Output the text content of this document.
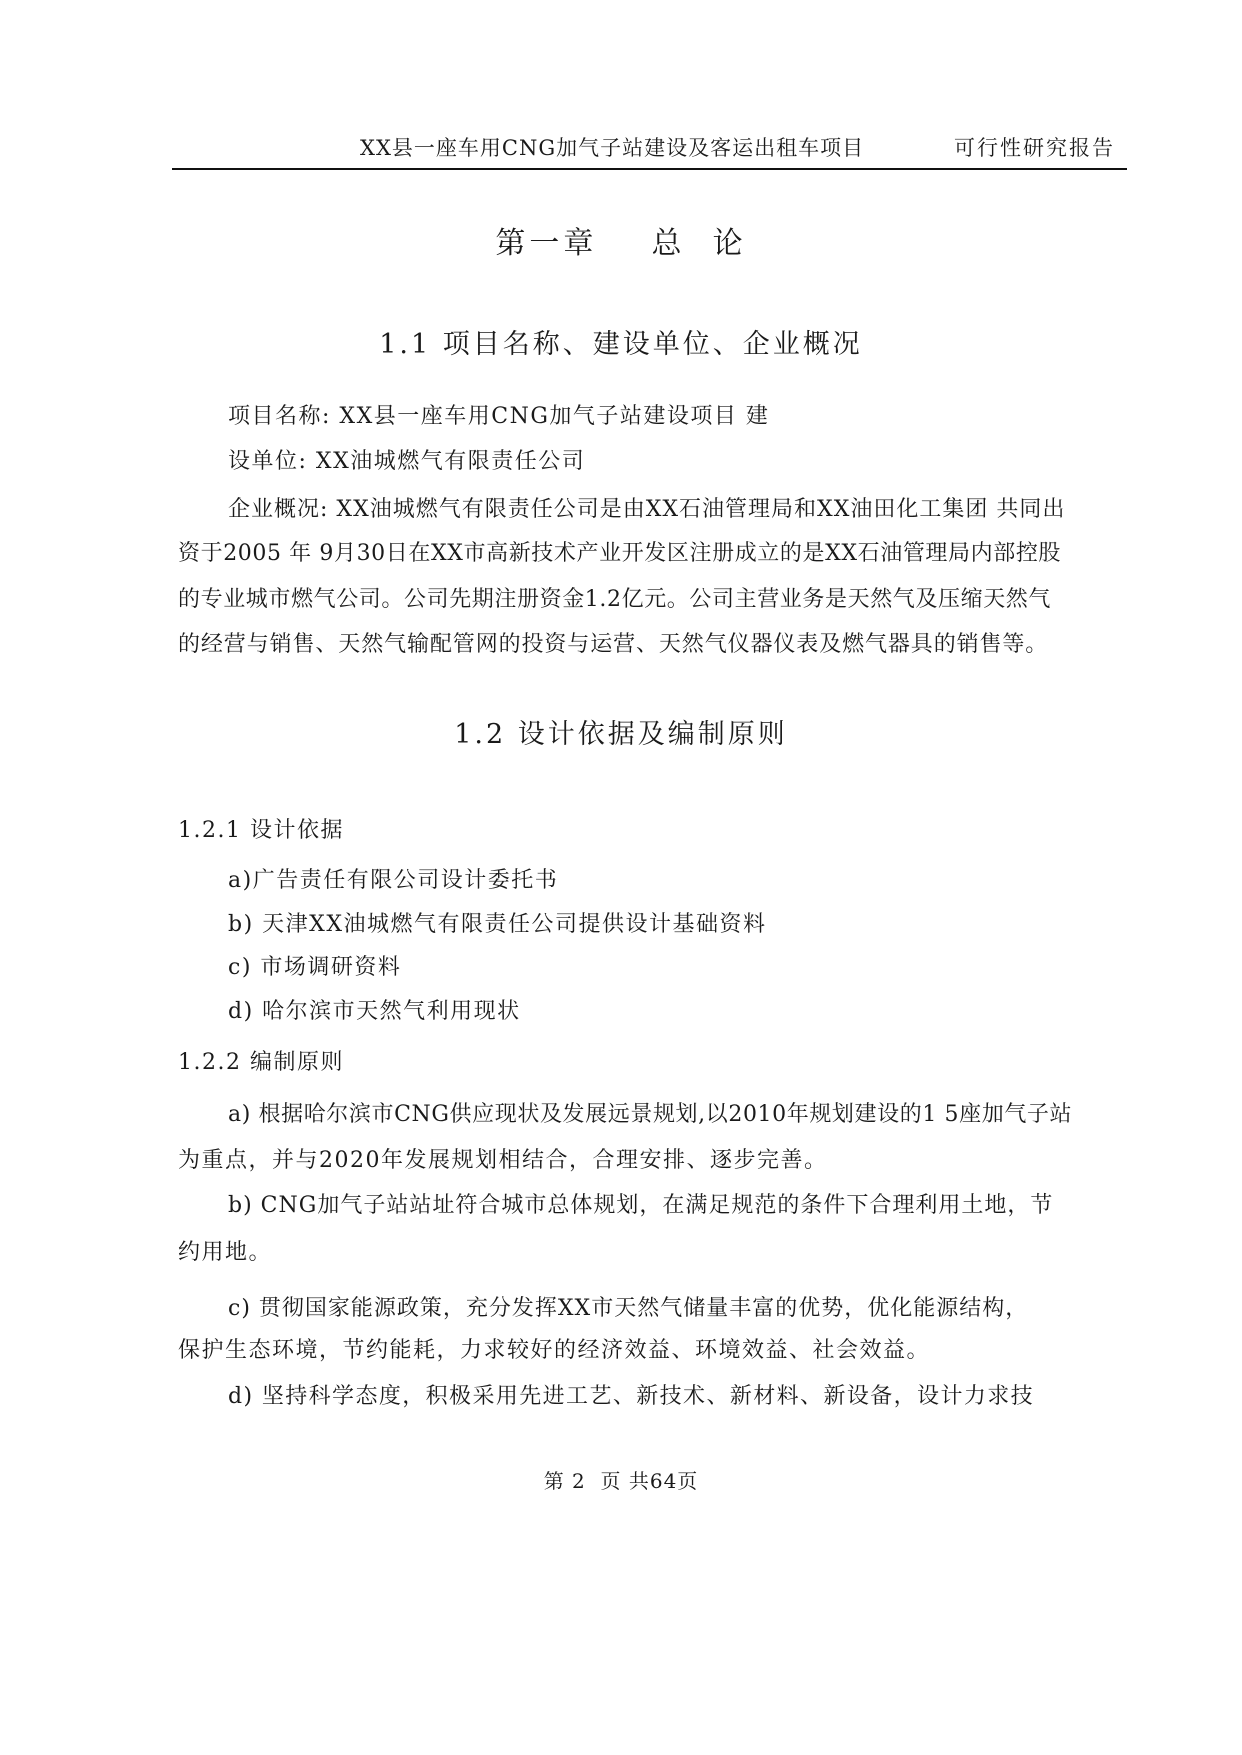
XX县一座车用CNG加气子站建设及客运出租车项目	可行性研究报告
第一章    总  论
1.1 项目名称、建设单位、企业概况
项目名称: XX县一座车用CNG加气子站建设项目 建
设单位: XX油城燃气有限责任公司
企业概况: XX油城燃气有限责任公司是由XX石油管理局和XX油田化工集团 共同出
资于2005 年 9月30日在XX市高新技术产业开发区注册成立的是XX石油管理局内部控股
的专业城市燃气公司。公司先期注册资金1.2亿元。公司主营业务是天然气及压缩天然气
的经营与销售、天然气输配管网的投资与运营、天然气仪器仪表及燃气器具的销售等。
1.2 设计依据及编制原则
1.2.1 设计依据
a)广告责任有限公司设计委托书
b) 天津XX油城燃气有限责任公司提供设计基础资料
c) 市场调研资料
d) 哈尔滨市天然气利用现状
1.2.2 编制原则
a) 根据哈尔滨市CNG供应现状及发展远景规划,以2010年规划建设的1 5座加气子站
为重点，并与2020年发展规划相结合，合理安排、逐步完善。
b) CNG加气子站站址符合城市总体规划，在满足规范的条件下合理利用土地，节
约用地。
c) 贯彻国家能源政策，充分发挥XX市天然气储量丰富的优势，优化能源结构，
保护生态环境，节约能耗，力求较好的经济效益、环境效益、社会效益。
d) 坚持科学态度，积极采用先进工艺、新技术、新材料、新设备，设计力求技
第 2  页 共64页
